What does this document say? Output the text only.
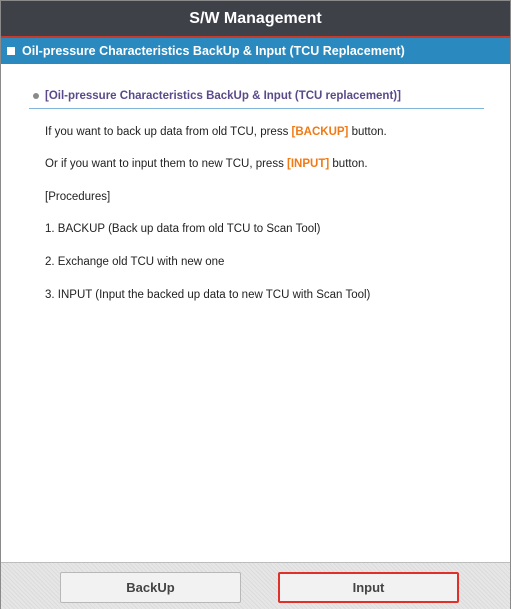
S/W Management
Oil-pressure Characteristics BackUp & Input (TCU Replacement)
[Oil-pressure Characteristics BackUp & Input (TCU replacement)]
If you want to back up data from old TCU, press [BACKUP] button.
Or if you want to input them to new TCU, press [INPUT] button.
[Procedures]
1. BACKUP (Back up data from old TCU to Scan Tool)
2. Exchange old TCU with new one
3. INPUT (Input the backed up data to new TCU with Scan Tool)
BackUp	Input
